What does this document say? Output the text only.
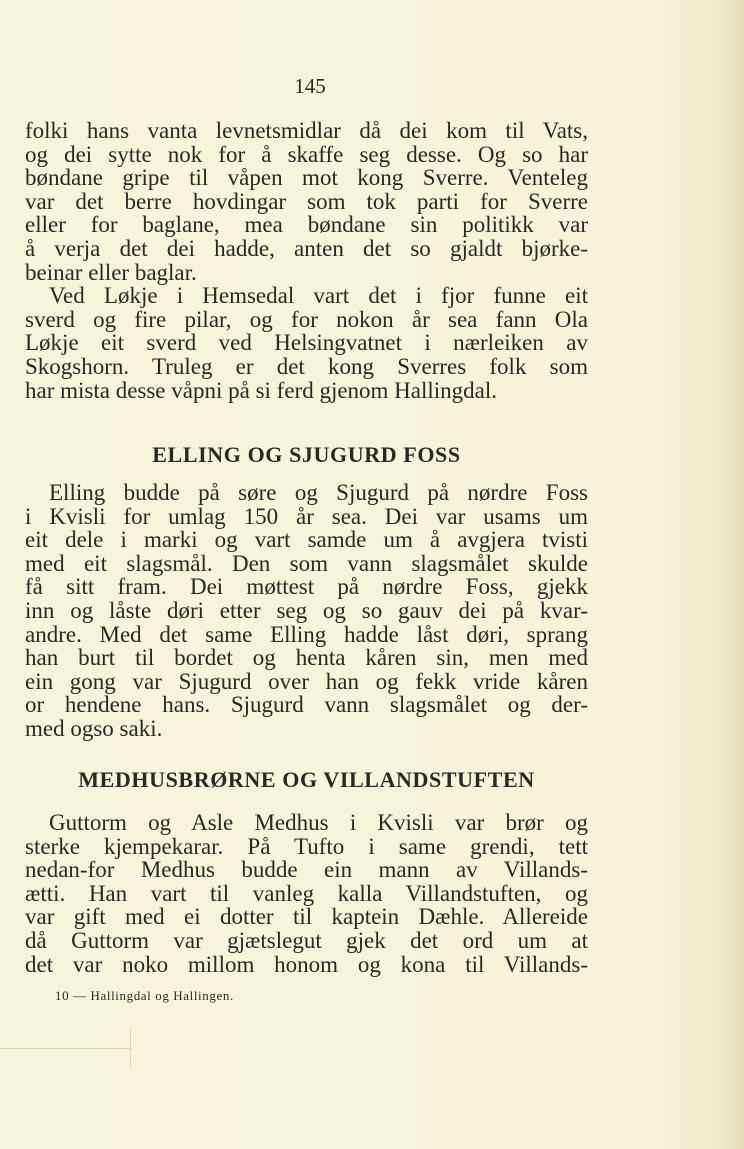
145

folki hans vanta levnetsmidlar då dei kom til Vats,
og dei sytte nok for å skaffe seg desse. Og so har
bøndane gripe til våpen mot kong Sverre. Venteleg
var det berre hovdingar som tok parti for Sverre
eller for baglane, mea bøndane sin politikk var
å verja det dei hadde, anten det so gjaldt bjørke-
beinar eller baglar.

Ved Løkje i Hemsedal vart det i fjor funne eit
sverd og fire pilar, og for nokon år sea fann Ola
Løkje eit sverd ved Helsingvatnet i nærleiken av
Skogshorn. Truleg er det kong Sverres folk som
har mista desse våpni på si ferd gjenom Hallingdal.

ELLING OG SJUGURD FOSS

Elling budde på søre og Sjugurd på nørdre Foss
i Kvisli for umlag 150 år sea. Dei var usams um
eit dele i marki og vart samde um å avgjera tvisti
med eit slagsmål. Den som vann slagsmålet skulde
få sitt fram. Dei møttest på nørdre Foss, gjekk
inn og låste døri etter seg og so gauv dei på kvar-
andre. Med det same Elling hadde låst døri, sprang
han burt til bordet og henta kåren sin, men med
ein gong var Sjugurd over han og fekk vride kåren
or hendene hans. Sjugurd vann slagsmålet og der-
med ogso saki.

MEDHUSBRØRNE OG VILLANDSTUFTEN

Guttorm og Asle Medhus i Kvisli var brør og
sterke kjempekarar. På Tufto i same grendi, tett
nedan-for Medhus budde ein mann av Villands-
ætti. Han vart til vanleg kalla Villandstuften, og
var gift med ei dotter til kaptein Dæhle. Allereide
då Guttorm var gjætslegut gjek det ord um at
det var noko millom honom og kona til Villands-

10 — Hallingdal og Hallingen.
